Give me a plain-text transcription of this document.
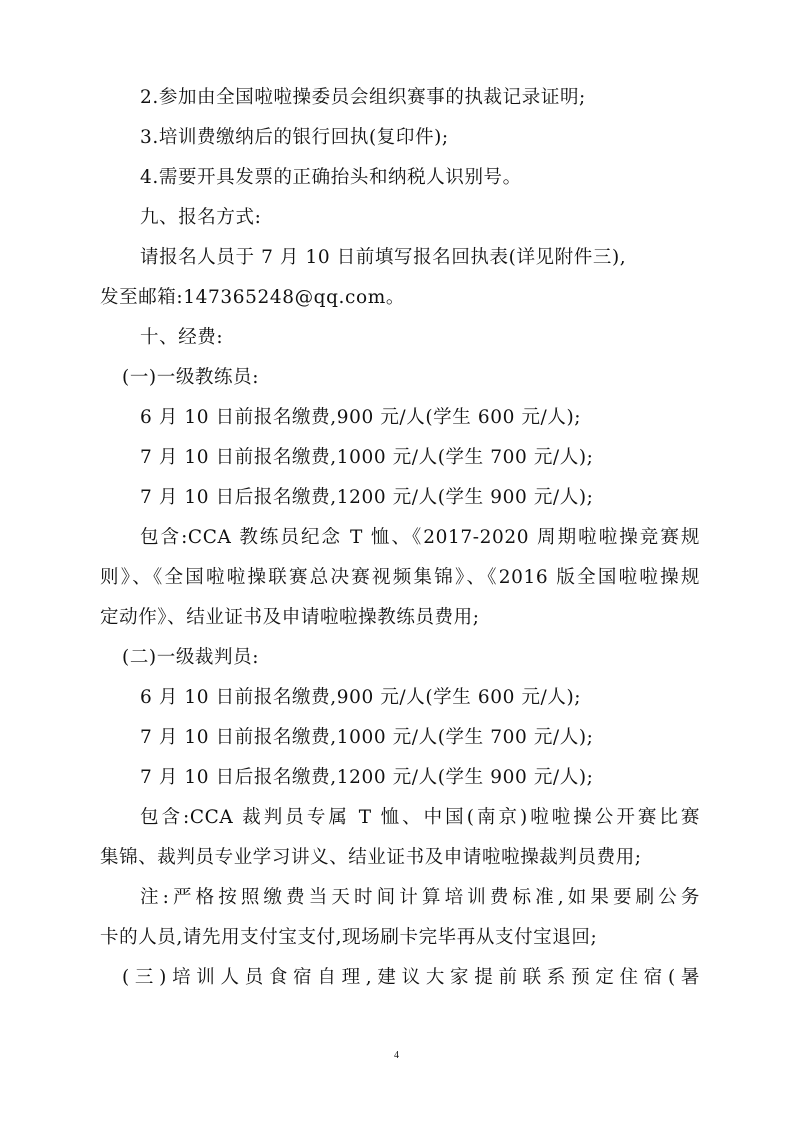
2.参加由全国啦啦操委员会组织赛事的执裁记录证明;
3.培训费缴纳后的银行回执(复印件);
4.需要开具发票的正确抬头和纳税人识别号。
九、报名方式:
请报名人员于 7 月 10 日前填写报名回执表(详见附件三),
发至邮箱:147365248@qq.com。
十、经费:
(一)一级教练员:
6 月 10 日前报名缴费,900 元/人(学生 600 元/人);
7 月 10 日前报名缴费,1000 元/人(学生 700 元/人);
7 月 10 日后报名缴费,1200 元/人(学生 900 元/人);
包含:CCA 教练员纪念 T 恤、《2017-2020 周期啦啦操竞赛规
则》、《全国啦啦操联赛总决赛视频集锦》、《2016 版全国啦啦操规
定动作》、结业证书及申请啦啦操教练员费用;
(二)一级裁判员:
6 月 10 日前报名缴费,900 元/人(学生 600 元/人);
7 月 10 日前报名缴费,1000 元/人(学生 700 元/人);
7 月 10 日后报名缴费,1200 元/人(学生 900 元/人);
包含:CCA 裁判员专属 T 恤、中国(南京)啦啦操公开赛比赛
集锦、裁判员专业学习讲义、结业证书及申请啦啦操裁判员费用;
注:严格按照缴费当天时间计算培训费标准,如果要刷公务
卡的人员,请先用支付宝支付,现场刷卡完毕再从支付宝退回;
(三)培训人员食宿自理,建议大家提前联系预定住宿(暑
4
